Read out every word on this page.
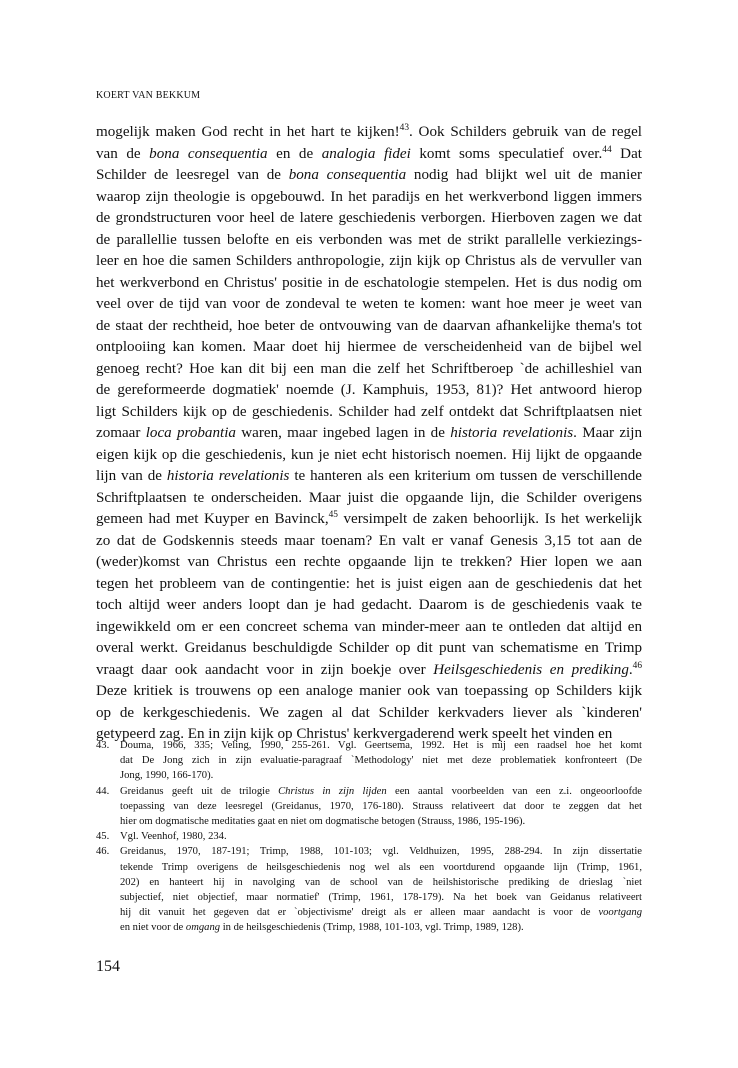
KOERT VAN BEKKUM
mogelijk maken God recht in het hart te kijken!$^{43}$. Ook Schilders gebruik van de regel
van de bona consequentia en de analogia fidei komt soms speculatief over.$^{44}$ Dat
Schilder de leesregel van de bona consequentia nodig had blijkt wel uit de manier
waarop zijn theologie is opgebouwd. In het paradijs en het werkverbond liggen immers
de grondstructuren voor heel de latere geschiedenis verborgen. Hierboven zagen we dat
de parallellie tussen belofte en eis verbonden was met de strikt parallelle verkiezings-
leer en hoe die samen Schilders anthropologie, zijn kijk op Christus als de vervuller van
het werkverbond en Christus' positie in de eschatologie stempelen. Het is dus nodig om
veel over de tijd van voor de zondeval te weten te komen: want hoe meer je weet van
de staat der rechtheid, hoe beter de ontvouwing van de daarvan afhankelijke thema's tot
ontplooiing kan komen. Maar doet hij hiermee de verscheidenheid van de bijbel wel
genoeg recht? Hoe kan dit bij een man die zelf het Schriftberoep `de achilleshiel van
de gereformeerde dogmatiek' noemde (J. Kamphuis, 1953, 81)? Het antwoord hierop
ligt Schilders kijk op de geschiedenis. Schilder had zelf ontdekt dat Schriftplaatsen niet
zomaar loca probantia waren, maar ingebed lagen in de historia revelationis. Maar zijn
eigen kijk op die geschiedenis, kun je niet echt historisch noemen. Hij lijkt de opgaande
lijn van de historia revelationis te hanteren als een kriterium om tussen de verschillende
Schriftplaatsen te onderscheiden. Maar juist die opgaande lijn, die Schilder overigens
gemeen had met Kuyper en Bavinck,$^{45}$ versimpelt de zaken behoorlijk. Is het werkelijk
zo dat de Godskennis steeds maar toenam? En valt er vanaf Genesis 3,15 tot aan de
(weder)komst van Christus een rechte opgaande lijn te trekken? Hier lopen we aan
tegen het probleem van de contingentie: het is juist eigen aan de geschiedenis dat het
toch altijd weer anders loopt dan je had gedacht. Daarom is de geschiedenis vaak te
ingewikkeld om er een concreet schema van minder-meer aan te ontleden dat altijd en
overal werkt. Greidanus beschuldigde Schilder op dit punt van schematisme en Trimp
vraagt daar ook aandacht voor in zijn boekje over Heilsgeschiedenis en prediking.$^{46}$
Deze kritiek is trouwens op een analoge manier ook van toepassing op Schilders kijk
op de kerkgeschiedenis. We zagen al dat Schilder kerkvaders liever als `kinderen'
getypeerd zag. En in zijn kijk op Christus' kerkvergaderend werk speelt het vinden en
43.	Douma, 1966, 335; Veling, 1990, 255-261. Vgl. Geertsema, 1992. Het is mij een raadsel hoe het komt
dat De Jong zich in zijn evaluatie-paragraaf `Methodology' niet met deze problematiek konfronteert (De
Jong, 1990, 166-170).
44.	Greidanus geeft uit de trilogie Christus in zijn lijden een aantal voorbeelden van een z.i. ongeoorloofde
toepassing van deze leesregel (Greidanus, 1970, 176-180). Strauss relativeert dat door te zeggen dat het
hier om dogmatische meditaties gaat en niet om dogmatische betogen (Strauss, 1986, 195-196).
45.	Vgl. Veenhof, 1980, 234.
46.	Greidanus, 1970, 187-191; Trimp, 1988, 101-103; vgl. Veldhuizen, 1995, 288-294. In zijn dissertatie
tekende Trimp overigens de heilsgeschiedenis nog wel als een voortdurend opgaande lijn (Trimp, 1961,
202) en hanteert hij in navolging van de school van de heilshistorische prediking de drieslag `niet
subjectief, niet objectief, maar normatief' (Trimp, 1961, 178-179). Na het boek van Geidanus relativeert
hij dit vanuit het gegeven dat er `objectivisme' dreigt als er alleen maar aandacht is voor de voortgang
en niet voor de omgang in de heilsgeschiedenis (Trimp, 1988, 101-103, vgl. Trimp, 1989, 128).
154
